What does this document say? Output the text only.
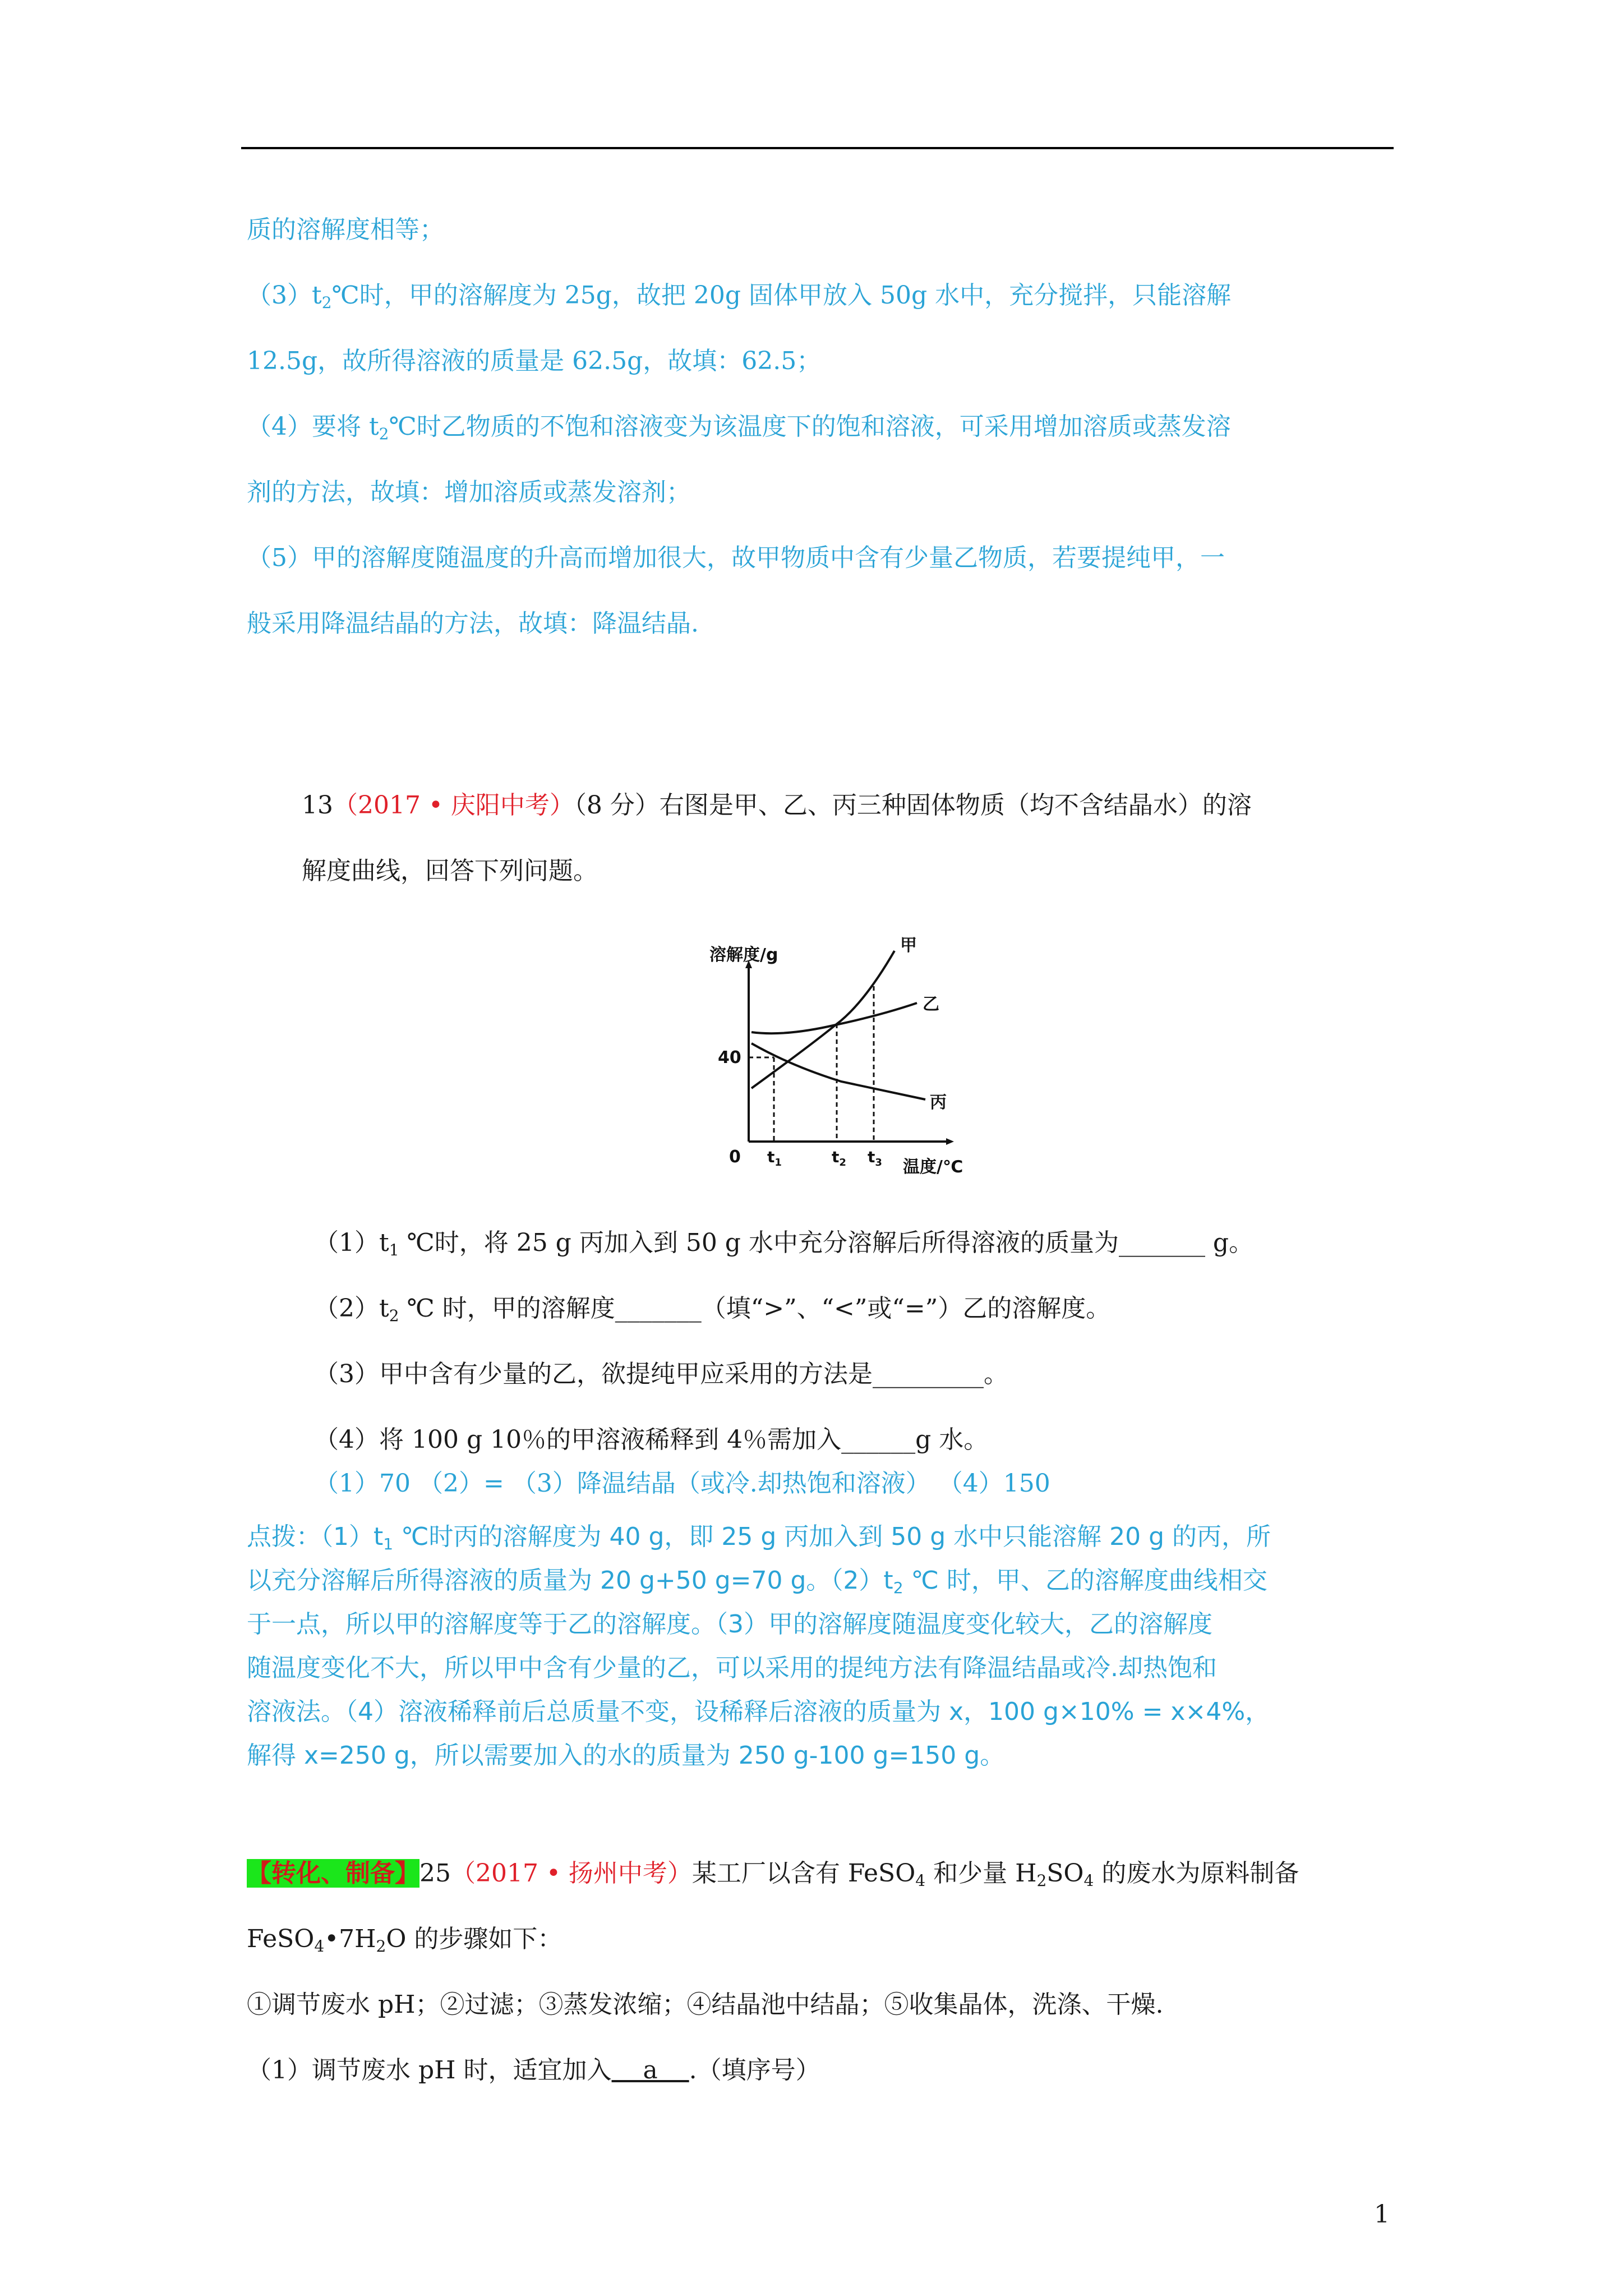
质的溶解度相等；
$(3)t_2℃$时，甲的溶解度为 25g，故把 20g 固体甲放入 50g 水中，充分搅拌，只能溶解
12.5g，故所得溶液的质量是 62.5g，故填：62.5；
（4）要将 $t_2℃$时乙物质的不饱和溶液变为该温度下的饱和溶液，可采用增加溶质或蒸发溶
剂的方法，故填：增加溶质或蒸发溶剂；
（5）甲的溶解度随温度的升高而增加很大，故甲物质中含有少量乙物质，若要提纯甲，一
般采用降温结晶的方法，故填：降温结晶.
13（2017 • 庆阳中考）（8 分）右图是甲、乙、丙三种固体物质（均不含结晶水）的溶
解度曲线，回答下列问题。
溶解度/g
温度/℃
0
40
$t_1$	$t_2$ $t_3$
甲
乙
丙
$(1)t_1$ ℃时，将 25 g 丙加入到 50 g 水中充分溶解后所得溶液的质量为_______ g。
$(2)t_2$ ℃ 时，甲的溶解度_______（填“>”、“<”或“=”）乙的溶解度。
（3）甲中含有少量的乙，欲提纯甲应采用的方法是_________。
（4）将 100 g 10％的甲溶液稀释到 4％需加入______g 水。
（1）70 （2）= （3）降温结晶（或冷.却热饱和溶液） （4）150
点拨：$(1)t_1$ ℃时丙的溶解度为 40 g，即 25 g 丙加入到 50 g 水中只能溶解 20 g 的丙，所
以充分溶解后所得溶液的质量为 20 g+50 g=70 g。$(2)t_2$ ℃ 时，甲、乙的溶解度曲线相交
于一点，所以甲的溶解度等于乙的溶解度。（3）甲的溶解度随温度变化较大，乙的溶解度
随温度变化不大，所以甲中含有少量的乙，可以采用的提纯方法有降温结晶或冷.却热饱和
溶液法。（4）溶液稀释前后总质量不变，设稀释后溶液的质量为 x，100 g×10% = x×4%，
解得 x=250 g，所以需要加入的水的质量为 250 g-100 g=150 g。
【转化、制备】25（2017 • 扬州中考）某工厂以含有 FeSO$_4$ 和少量 $H_2SO_4$ 的废水为原料制备
$FeSO_4•7H_2O$ 的步骤如下：
①调节废水 pH；②过滤；③蒸发浓缩；④结晶池中结晶；⑤收集晶体，洗涤、干燥.
（1）调节废水 pH 时，适宜加入    a    .（填序号）
1
